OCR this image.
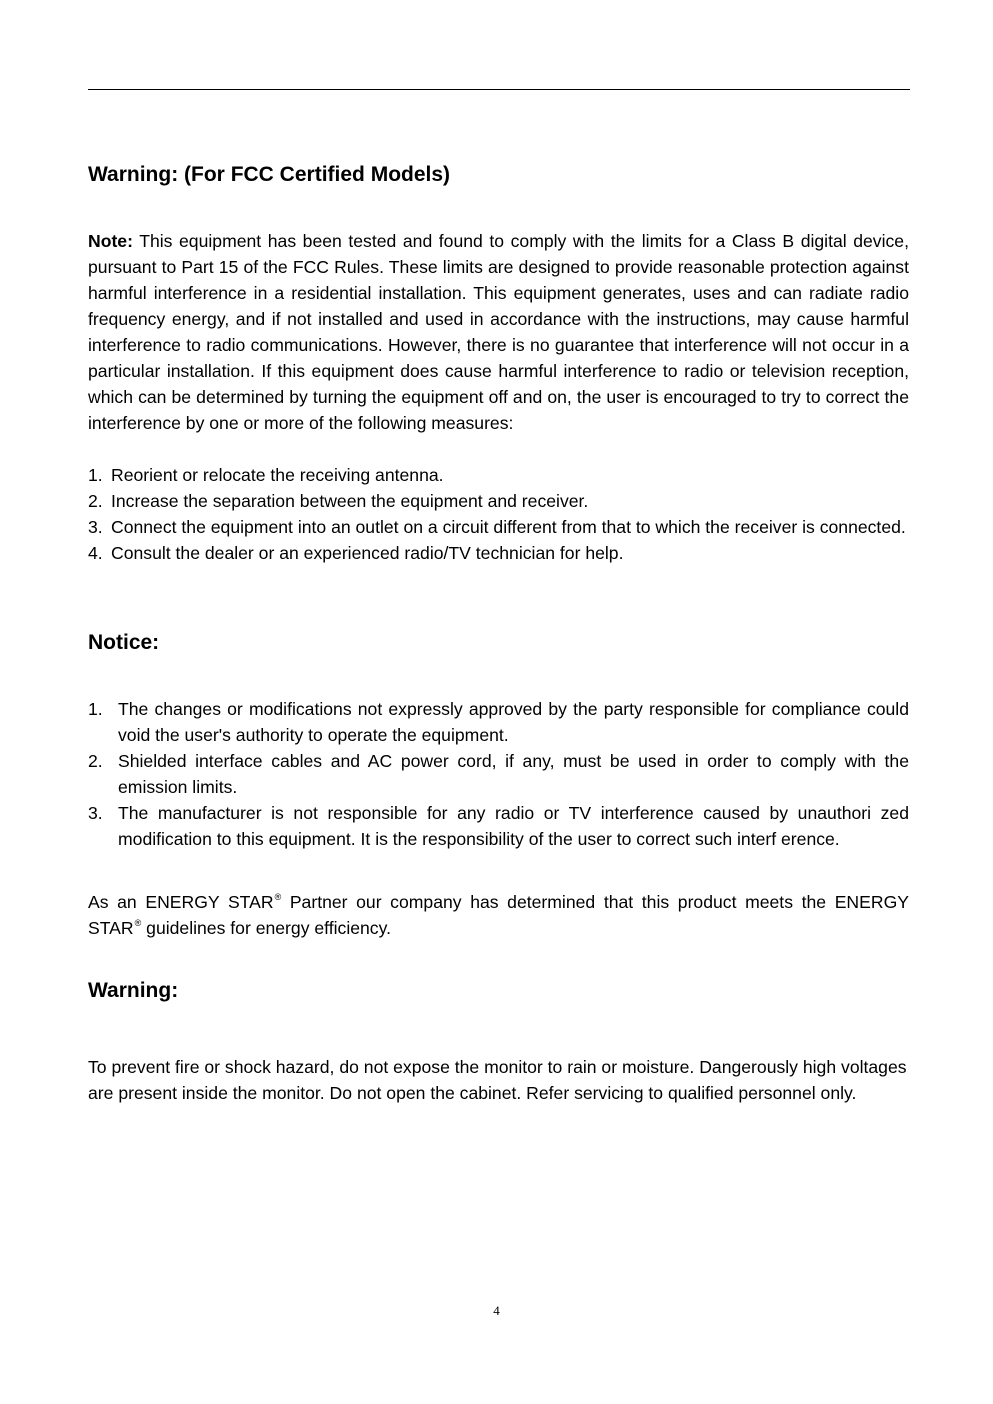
Warning: (For FCC Certified Models)

Note: This equipment has been tested and found to comply with the limits for a Class B digital device, pursuant to Part 15 of the FCC Rules. These limits are designed to provide reasonable protection against harmful interference in a residential installation. This equipment generates, uses and can radiate radio frequency energy, and if not installed and used in accordance with the instructions, may cause harmful interference to radio communications. However, there is no guarantee that interference will not occur in a particular installation. If this equipment does cause harmful interference to radio or television reception, which can be determined by turning the equipment off and on, the user is encouraged to try to correct the interference by one or more of the following measures:

1. Reorient or relocate the receiving antenna.
2. Increase the separation between the equipment and receiver.
3. Connect the equipment into an outlet on a circuit different from that to which the receiver is connected.
4. Consult the dealer or an experienced radio/TV technician for help.
Notice:
1. The changes or modifications not expressly approved by the party responsible for compliance could void the user's authority to operate the equipment.
2. Shielded interface cables and AC power cord, if any, must be used in order to comply with the emission limits.
3. The manufacturer is not responsible for any radio or TV interference caused by unauthori zed modification to this equipment. It is the responsibility of the user to correct such interf erence.

As an ENERGY STAR® Partner our company has determined that this product meets the ENERGY STAR® guidelines for energy efficiency.

Warning:

To prevent fire or shock hazard, do not expose the monitor to rain or moisture. Dangerously high voltages are present inside the monitor. Do not open the cabinet. Refer servicing to qualified personnel only.

4
